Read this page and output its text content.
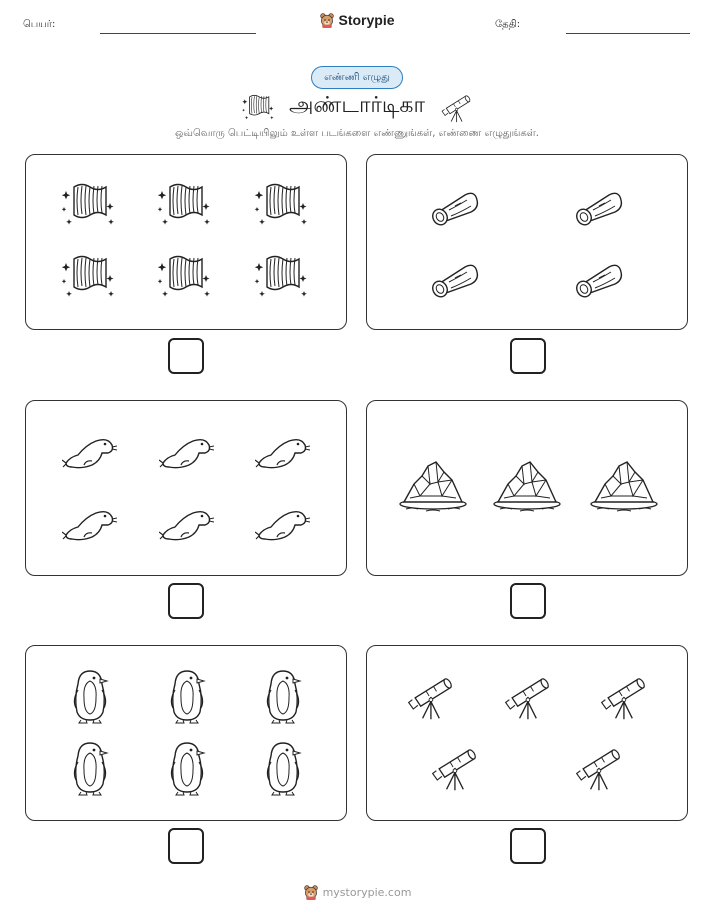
பெயர்:	Storypie	தேதி:
எண்ணி எழுது
அண்டார்டிகா
ஒவ்வொரு பெட்டியிலும் உள்ள படங்களை எண்ணுங்கள், எண்ணை எழுதுங்கள்.
mystorypie.com
